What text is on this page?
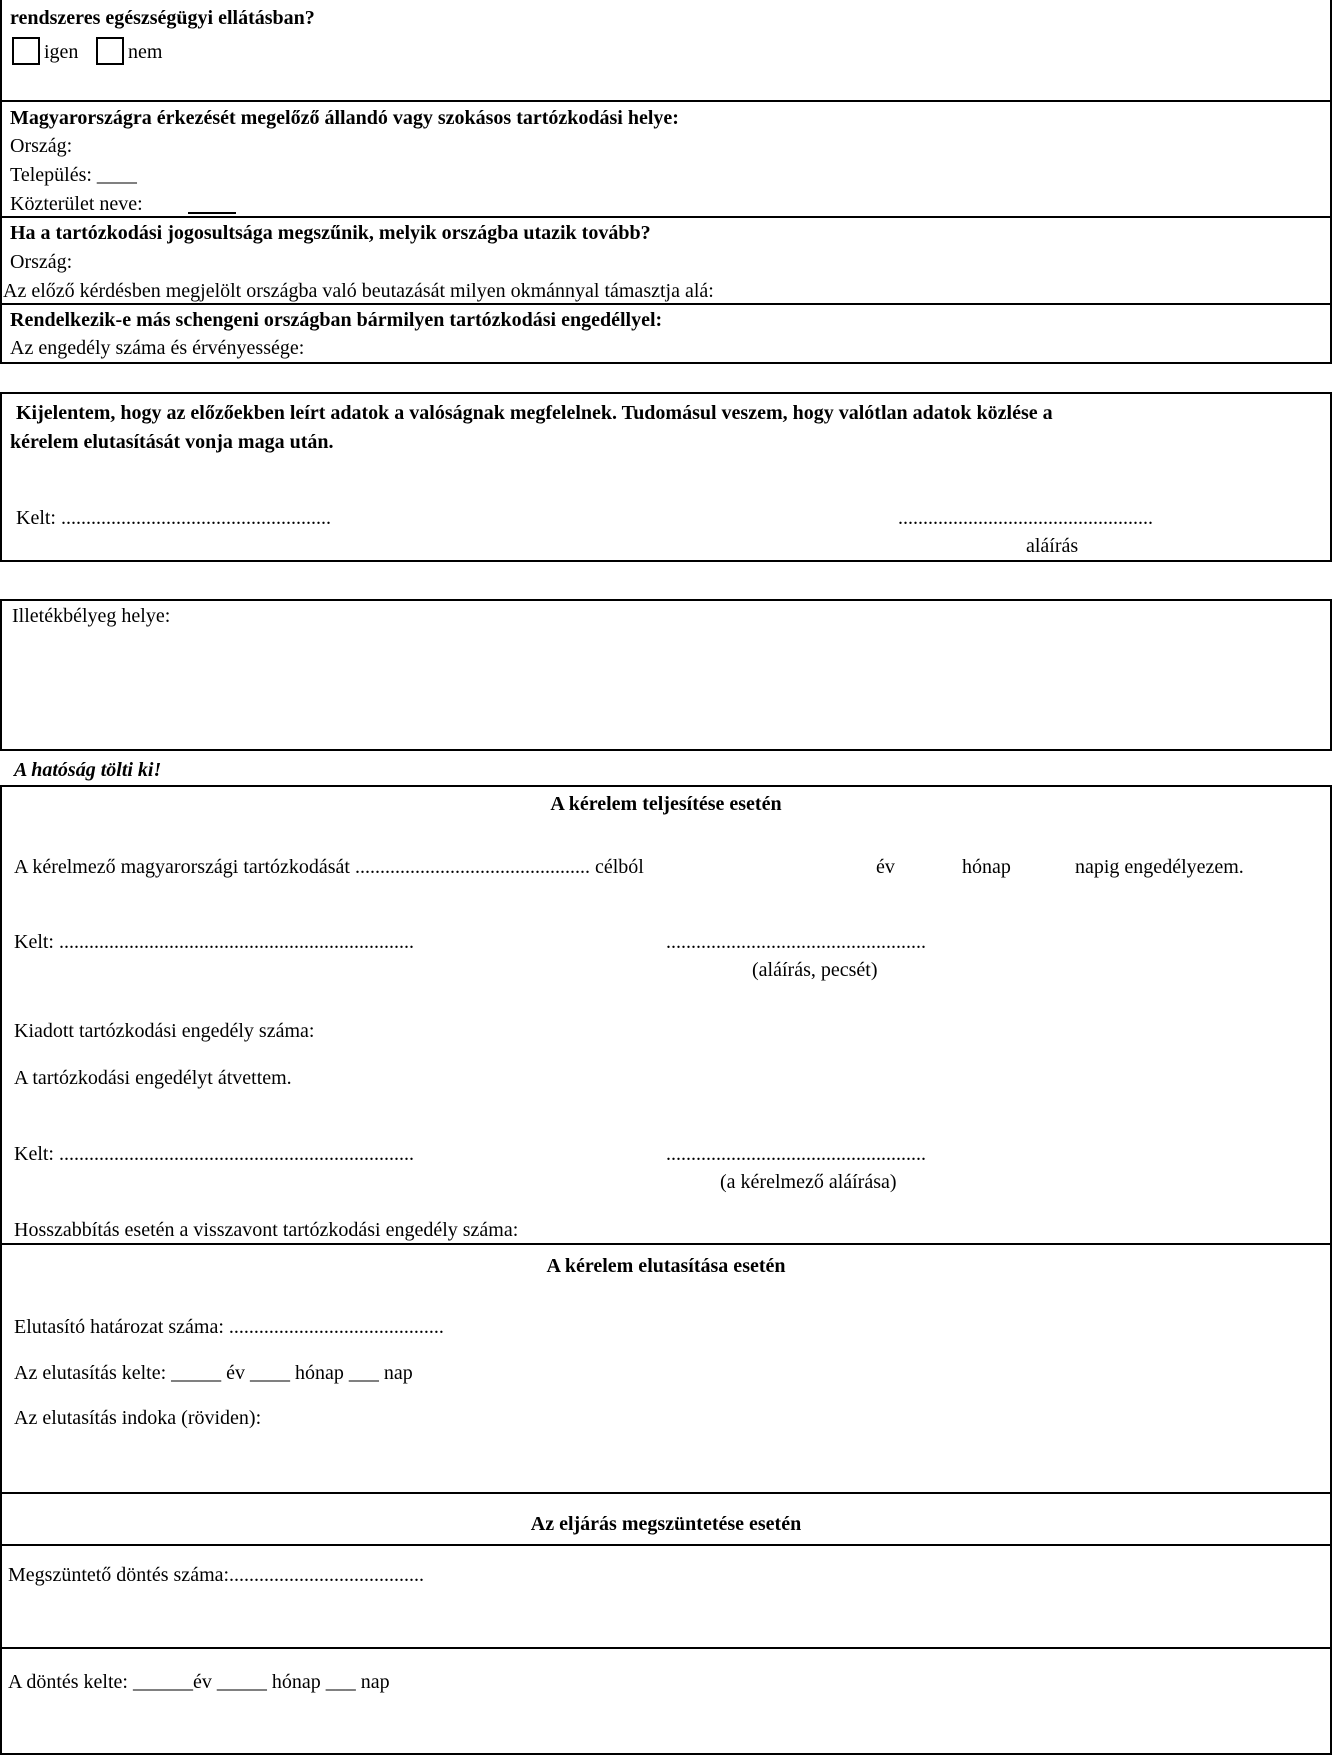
rendszeres egészségügyi ellátásban?
igen nem
Magyarországra érkezését megelőző állandó vagy szokásos tartózkodási helye:
Ország:
Település: ____
Közterület neve:
Ha a tartózkodási jogosultsága megszűnik, melyik országba utazik tovább?
Ország:
Az előző kérdésben megjelölt országba való beutazását milyen okmánnyal támasztja alá:
Rendelkezik-e más schengeni országban bármilyen tartózkodási engedéllyel:
Az engedély száma és érvényessége:
Kijelentem, hogy az előzőekben leírt adatok a valóságnak megfelelnek. Tudomásul veszem, hogy valótlan adatok közlése a
kérelem elutasítását vonja maga után.
Kelt: ......................................................	...................................................
aláírás
Illetékbélyeg helye:
A hatóság tölti ki!
A kérelem teljesítése esetén
A kérelmező magyarországi tartózkodását ............................................... célból	év	hónap	napig engedélyezem.
Kelt: .......................................................................	....................................................
(aláírás, pecsét)
Kiadott tartózkodási engedély száma:
A tartózkodási engedélyt átvettem.
Kelt: .......................................................................	....................................................
(a kérelmező aláírása)
Hosszabbítás esetén a visszavont tartózkodási engedély száma:
A kérelem elutasítása esetén
Elutasító határozat száma: ...........................................
Az elutasítás kelte: _____ év ____ hónap ___ nap
Az elutasítás indoka (röviden):
Az eljárás megszüntetése esetén
Megszüntető döntés száma:.......................................
A döntés kelte: ______év _____ hónap ___ nap
